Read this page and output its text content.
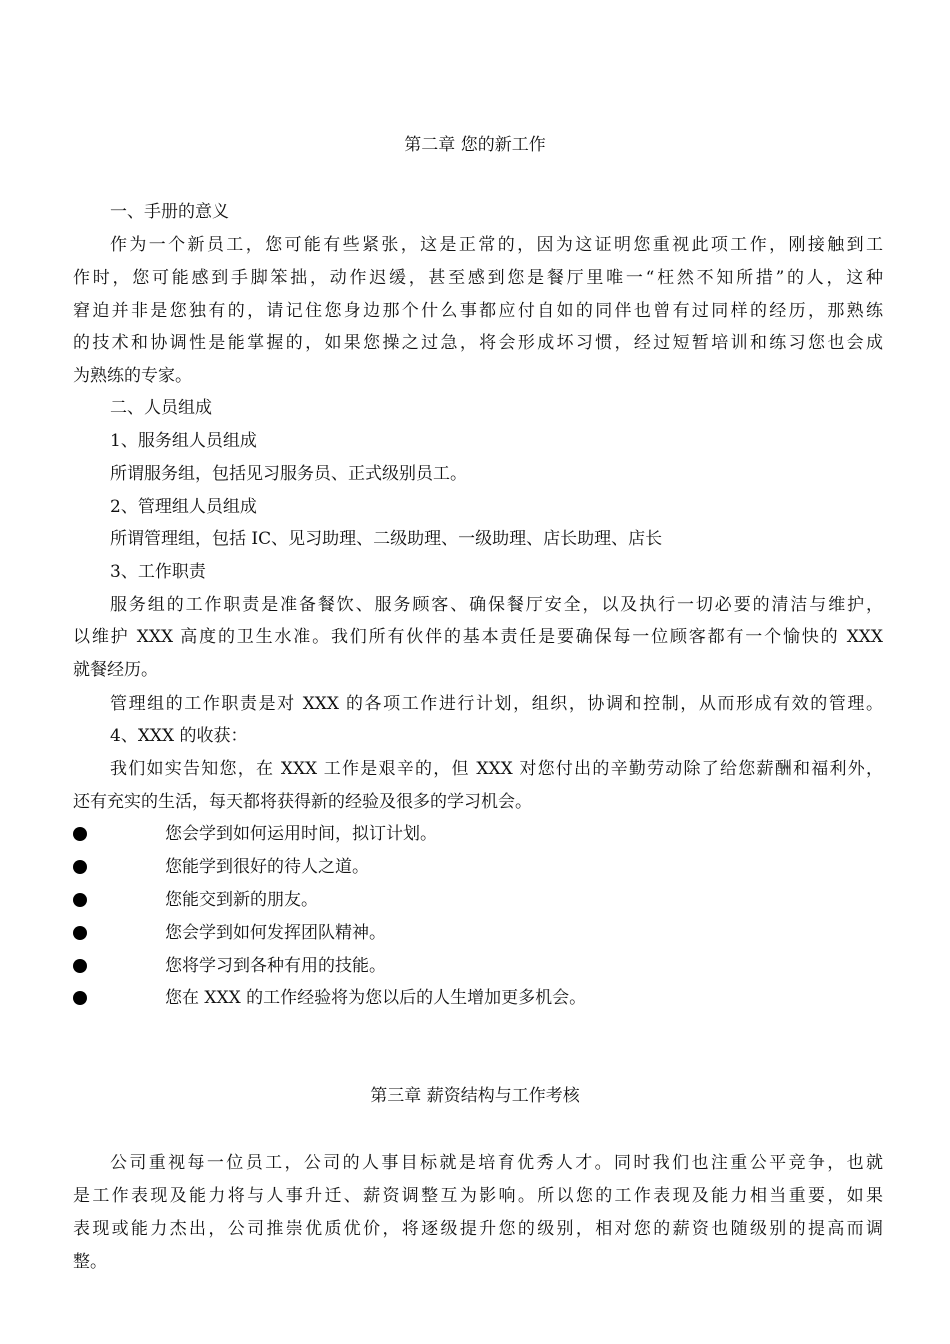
第二章 您的新工作
一、手册的意义
作为一个新员工，您可能有些紧张，这是正常的，因为这证明您重视此项工作，刚接触到工
作时，您可能感到手脚笨拙，动作迟缓，甚至感到您是餐厅里唯一“枉然不知所措”的人，这种
窘迫并非是您独有的，请记住您身边那个什么事都应付自如的同伴也曾有过同样的经历，那熟练
的技术和协调性是能掌握的，如果您操之过急，将会形成坏习惯，经过短暂培训和练习您也会成
为熟练的专家。
二、人员组成
1、服务组人员组成
所谓服务组，包括见习服务员、正式级别员工。
2、管理组人员组成
所谓管理组，包括 IC、见习助理、二级助理、一级助理、店长助理、店长
3、工作职责
服务组的工作职责是准备餐饮、服务顾客、确保餐厅安全，以及执行一切必要的清洁与维护，
以维护 XXX 高度的卫生水准。我们所有伙伴的基本责任是要确保每一位顾客都有一个愉快的 XXX
就餐经历。
管理组的工作职责是对 XXX 的各项工作进行计划，组织，协调和控制，从而形成有效的管理。
4、XXX 的收获：
我们如实告知您，在 XXX 工作是艰辛的，但 XXX 对您付出的辛勤劳动除了给您薪酬和福利外，
还有充实的生活，每天都将获得新的经验及很多的学习机会。
您会学到如何运用时间，拟订计划。
您能学到很好的待人之道。
您能交到新的朋友。
您会学到如何发挥团队精神。
您将学习到各种有用的技能。
您在 XXX 的工作经验将为您以后的人生增加更多机会。
第三章 薪资结构与工作考核
公司重视每一位员工，公司的人事目标就是培育优秀人才。同时我们也注重公平竞争，也就
是工作表现及能力将与人事升迁、薪资调整互为影响。所以您的工作表现及能力相当重要，如果
表现或能力杰出，公司推崇优质优价，将逐级提升您的级别，相对您的薪资也随级别的提高而调
整。
